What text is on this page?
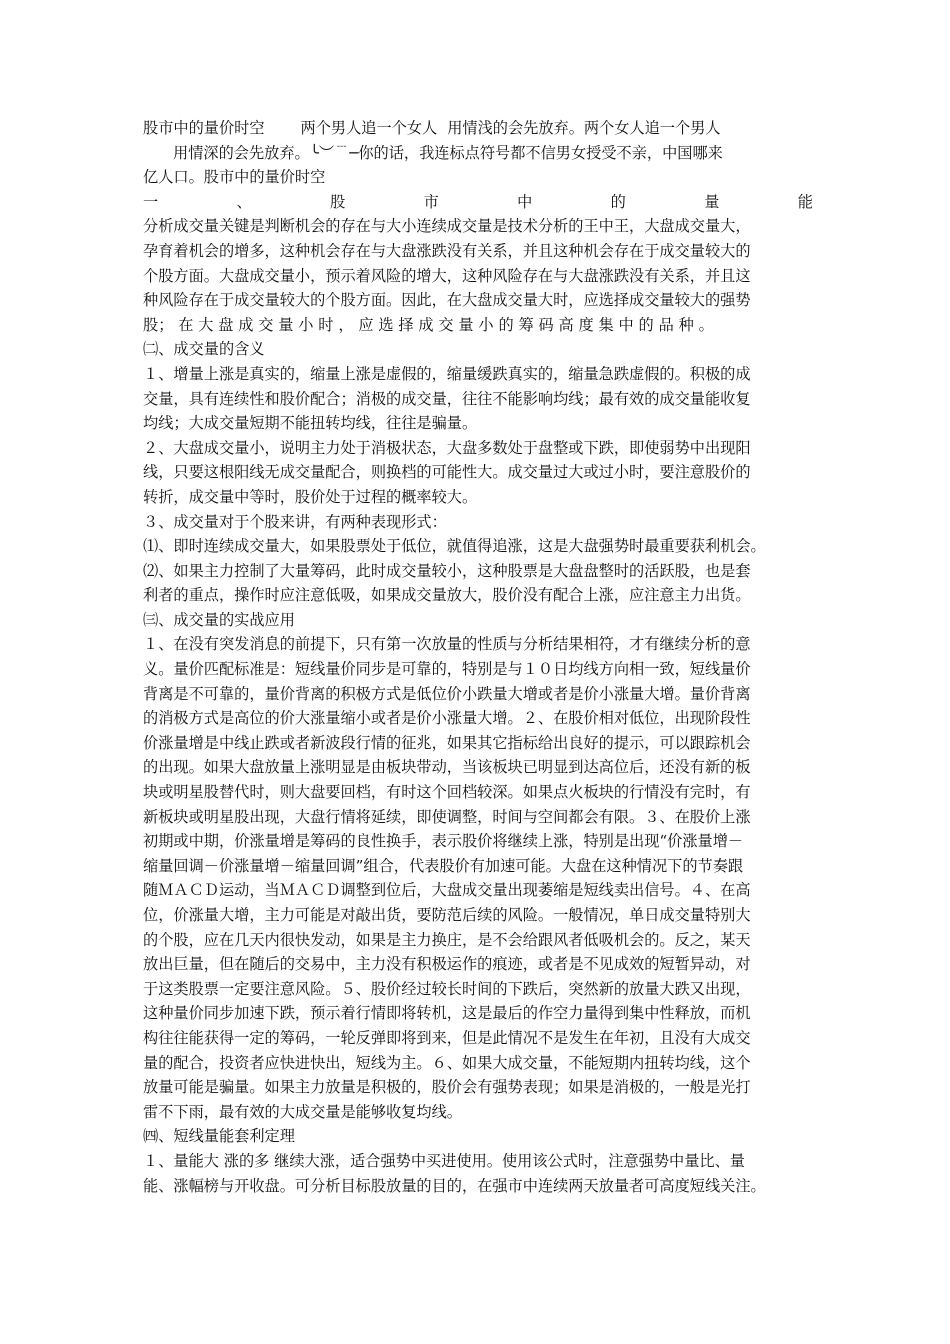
股市中的量价时空 两个男人追一个女人 用情浅的会先放弃。两个女人追一个男人
用情深的会先放弃。╰︶﹉─你的话，我连标点符号都不信男女授受不亲，中国哪来
亿人口。股市中的量价时空
一	、	股	市	中	的	量	能
分析成交量关键是判断机会的存在与大小连续成交量是技术分析的王中王，大盘成交量大，
孕育着机会的增多，这种机会存在与大盘涨跌没有关系，并且这种机会存在于成交量较大的
个股方面。大盘成交量小，预示着风险的增大，这种风险存在与大盘涨跌没有关系，并且这
种风险存在于成交量较大的个股方面。因此，在大盘成交量大时，应选择成交量较大的强势
股； 在 大 盘 成 交 量 小 时 ， 应 选 择 成 交 量 小 的 筹 码 高 度 集 中 的 品 种 。
㈡、成交量的含义
１、增量上涨是真实的，缩量上涨是虚假的，缩量缓跌真实的，缩量急跌虚假的。积极的成
交量，具有连续性和股价配合；消极的成交量，往往不能影响均线；最有效的成交量能收复
均线；大成交量短期不能扭转均线，往往是骗量。
２、大盘成交量小，说明主力处于消极状态，大盘多数处于盘整或下跌，即使弱势中出现阳
线，只要这根阳线无成交量配合，则换档的可能性大。成交量过大或过小时，要注意股价的
转折，成交量中等时，股价处于过程的概率较大。
３、成交量对于个股来讲，有两种表现形式：
⑴、即时连续成交量大，如果股票处于低位，就值得追涨，这是大盘强势时最重要获利机会。
⑵、如果主力控制了大量筹码，此时成交量较小，这种股票是大盘盘整时的活跃股，也是套
利者的重点，操作时应注意低吸，如果成交量放大，股价没有配合上涨，应注意主力出货。
㈢、成交量的实战应用
１、在没有突发消息的前提下，只有第一次放量的性质与分析结果相符，才有继续分析的意
义。量价匹配标准是：短线量价同步是可靠的，特别是与１０日均线方向相一致，短线量价
背离是不可靠的，量价背离的积极方式是低位价小跌量大增或者是价小涨量大增。量价背离
的消极方式是高位的价大涨量缩小或者是价小涨量大增。２、在股价相对低位，出现阶段性
价涨量增是中线止跌或者新波段行情的征兆，如果其它指标给出良好的提示，可以跟踪机会
的出现。如果大盘放量上涨明显是由板块带动，当该板块已明显到达高位后，还没有新的板
块或明星股替代时，则大盘要回档，有时这个回档较深。如果点火板块的行情没有完时，有
新板块或明星股出现，大盘行情将延续，即使调整，时间与空间都会有限。３、在股价上涨
初期或中期，价涨量增是筹码的良性换手，表示股价将继续上涨，特别是出现“价涨量增－
缩量回调－价涨量增－缩量回调”组合，代表股价有加速可能。大盘在这种情况下的节奏跟
随ＭＡＣＤ运动，当ＭＡＣＤ调整到位后，大盘成交量出现萎缩是短线卖出信号。４、在高
位，价涨量大增，主力可能是对敲出货，要防范后续的风险。一般情况，单日成交量特别大
的个股，应在几天内很快发动，如果是主力换庄，是不会给跟风者低吸机会的。反之，某天
放出巨量，但在随后的交易中，主力没有积极运作的痕迹，或者是不见成效的短暂异动，对
于这类股票一定要注意风险。５、股价经过较长时间的下跌后，突然新的放量大跌又出现，
这种量价同步加速下跌，预示着行情即将转机，这是最后的作空力量得到集中性释放，而机
构往往能获得一定的筹码，一轮反弹即将到来，但是此情况不是发生在年初，且没有大成交
量的配合，投资者应快进快出，短线为主。６、如果大成交量，不能短期内扭转均线，这个
放量可能是骗量。如果主力放量是积极的，股价会有强势表现；如果是消极的，一般是光打
雷不下雨，最有效的大成交量是能够收复均线。
㈣、短线量能套利定理
１、量能大 涨的多 继续大涨，适合强势中买进使用。使用该公式时，注意强势中量比、量
能、涨幅榜与开收盘。可分析目标股放量的目的，在强市中连续两天放量者可高度短线关注。
